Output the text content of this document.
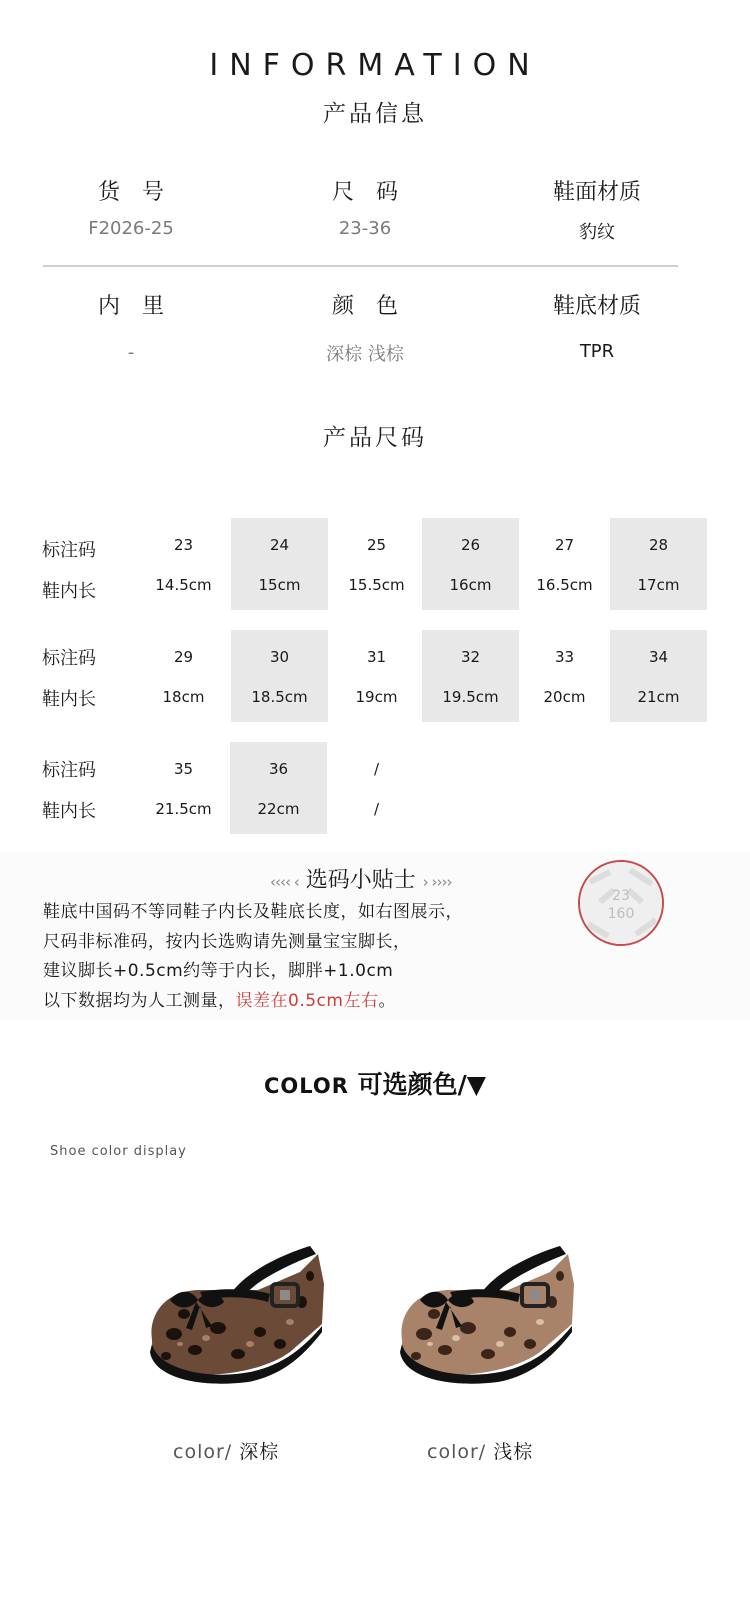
INFORMATION
产品信息
货　号
F2026-25
尺　码
23-36
鞋面材质
豹纹
内　里
-
颜　色
深棕 浅棕
鞋底材质
TPR
产品尺码
标注码
鞋内长
23
14.5cm
24
15cm
25
15.5cm
26
16cm
27
16.5cm
28
17cm
标注码
鞋内长
29
18cm
30
18.5cm
31
19cm
32
19.5cm
33
20cm
34
21cm
标注码
鞋内长
35
21.5cm
36
22cm
/
/
‹‹‹‹ ‹ 选码小贴士 › ››››
鞋底中国码不等同鞋子内长及鞋底长度，如右图展示，
尺码非标准码，按内长选购请先测量宝宝脚长，
建议脚长+0.5cm约等于内长，脚胖+1.0cm
以下数据均为人工测量，误差在0.5cm左右。
23
160
COLOR 可选颜色/▼
Shoe color display
color/ 深棕	color/ 浅棕
